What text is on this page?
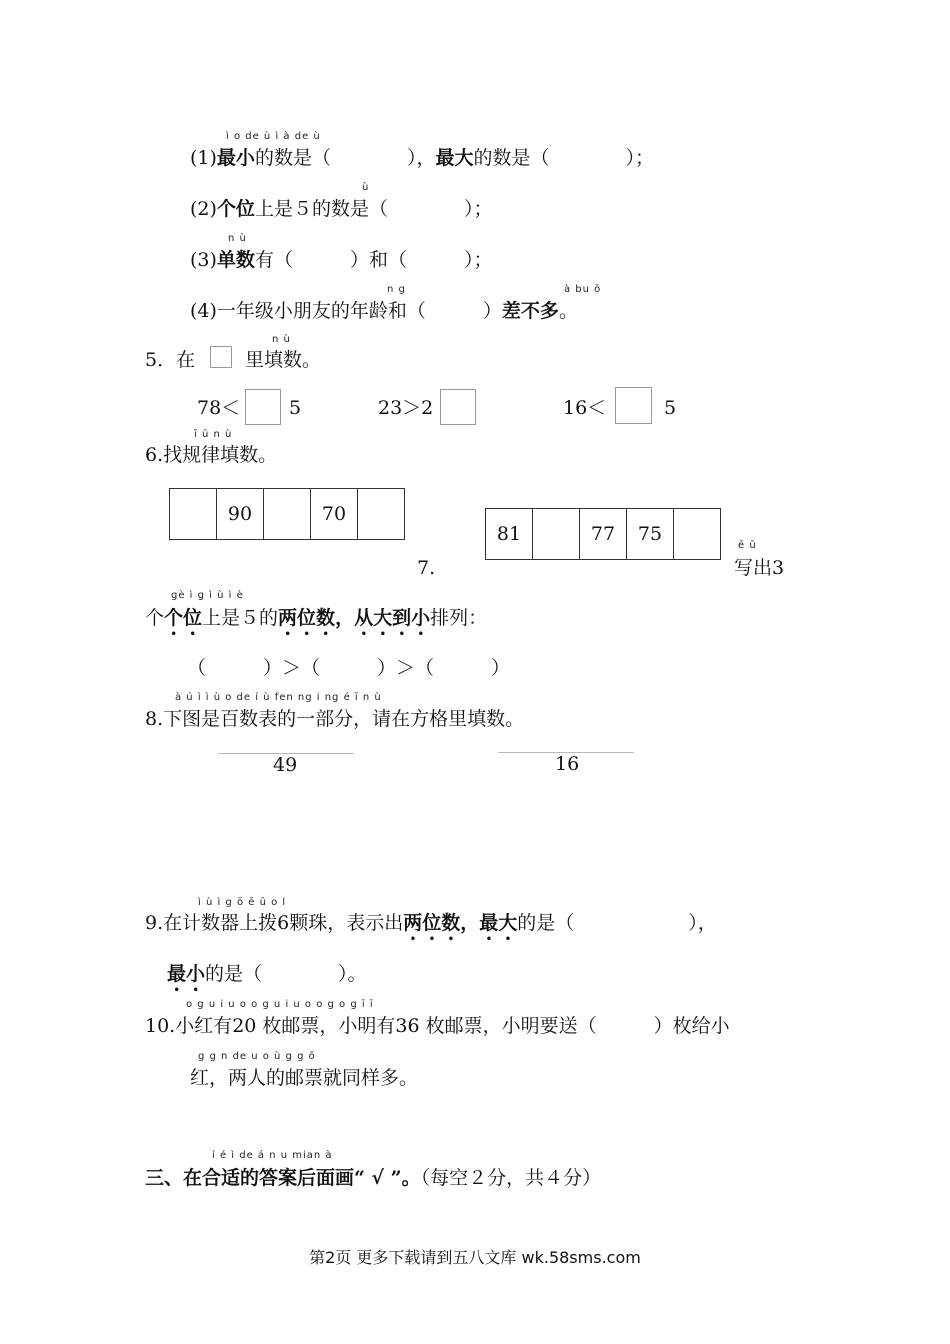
ì o de ù ì à de ù
(1)最小的数是（　　　　），最大的数是（　　　　）；
ù
(2)个位上是５的数是（　　　　）；
n ù
(3)单数有（　　　）和（　　　）；
n g	à bu ō
(4)一年级小朋友的年龄和（　　　）差不多。
n ù
5．在	里填数。
78＜	5	23＞2	16＜	5
ī ū n ù
6.找规律填数。
	90		70	
81		77	75	
7.
ē ū
写出3
gè ì g ì ù ì è
个个位上是５的两位数，从大到小排列：
（　　　）＞（　　　）＞（　　　）
à ú ì ì ù o de í ù fen ng i ng é ī n ù
8.下图是百数表的一部分，请在方格里填数。
49	16
ì ù ì g ō ē ū o l
9.在计数器上拨6颗珠，表示出两位数，最大的是（　　　　　　），
最小的是（　　　　）。
o g u i u o o g u i u o o g o g ī ī
10.小红有20 枚邮票，小明有36 枚邮票，小明要送（　　　）枚给小
g g n de u o ù g g ō
红，两人的邮票就同样多。
í é ì de á n u mian à
三、在合适的答案后面画“ √ ”。（每空２分，共４分）
第2页 更多下载请到五八文库 wk.58sms.com
